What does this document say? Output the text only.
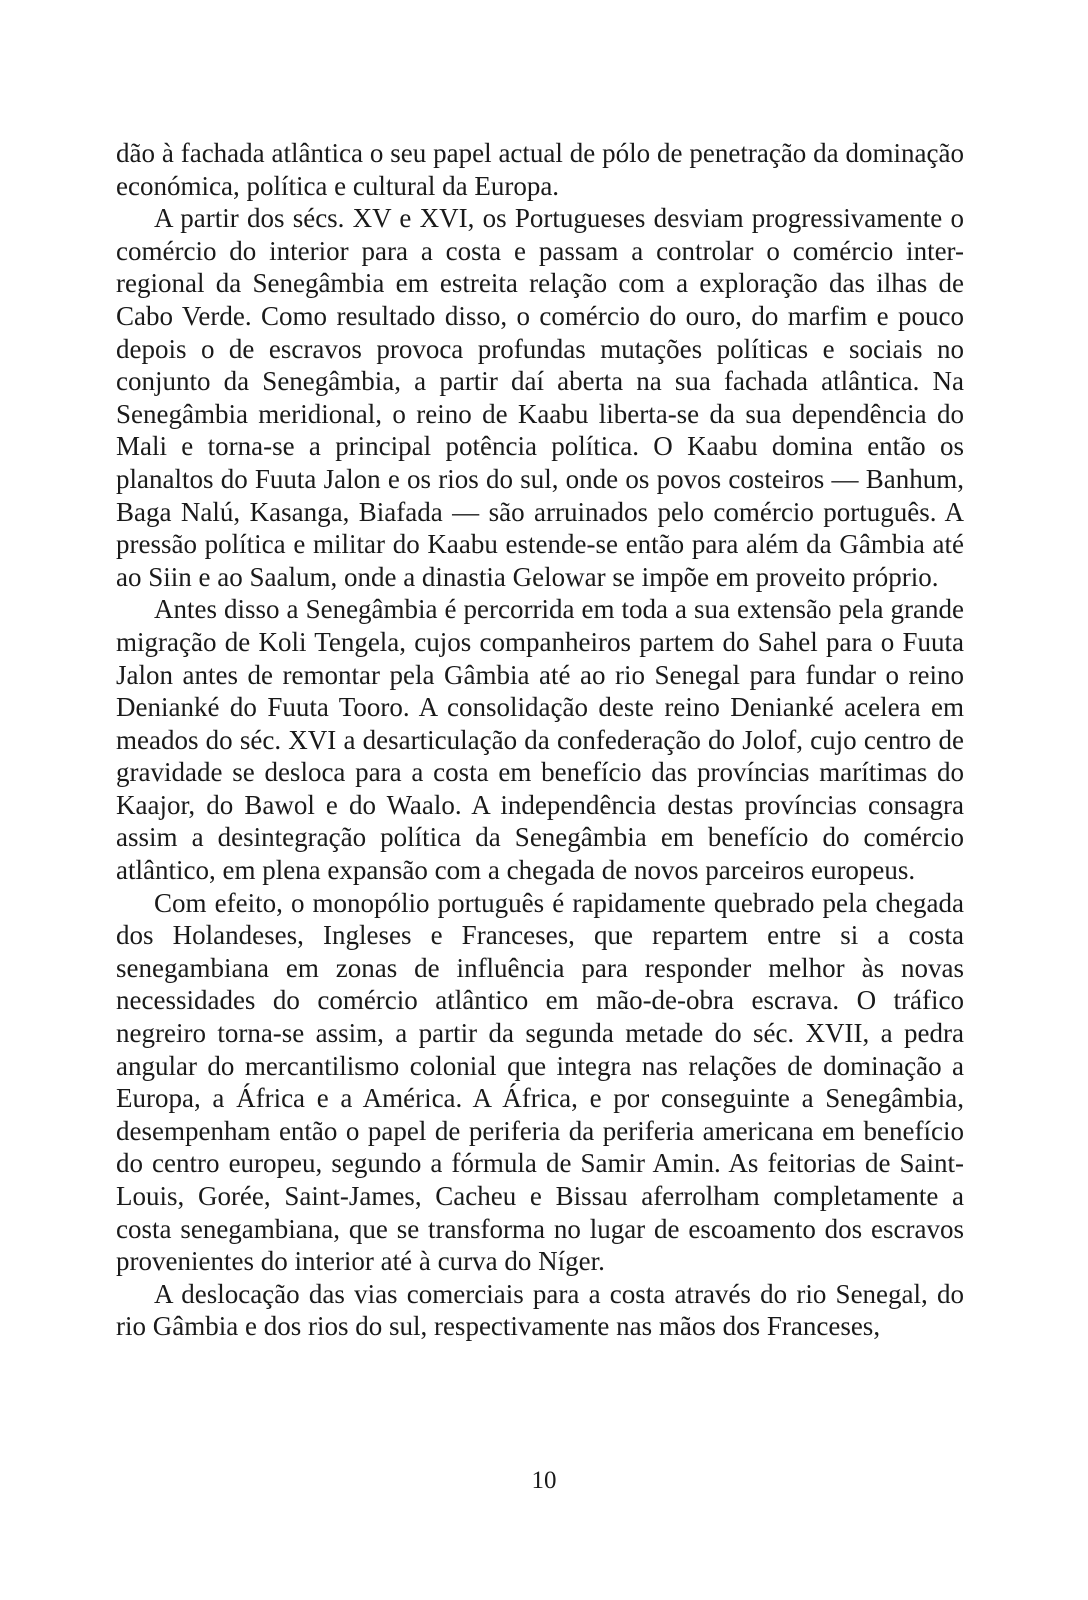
dão à fachada atlântica o seu papel actual de pólo de penetração da dominação económica, política e cultural da Europa.

A partir dos sécs. XV e XVI, os Portugueses desviam progressivamente o comércio do interior para a costa e passam a controlar o comércio inter-regional da Senegâmbia em estreita relação com a exploração das ilhas de Cabo Verde. Como resultado disso, o comércio do ouro, do marfim e pouco depois o de escravos provoca profundas mutações políticas e sociais no conjunto da Senegâmbia, a partir daí aberta na sua fachada atlântica. Na Senegâmbia meridional, o reino de Kaabu liberta-se da sua dependência do Mali e torna-se a principal potência política. O Kaabu domina então os planaltos do Fuuta Jalon e os rios do sul, onde os povos costeiros — Banhum, Baga Nalú, Kasanga, Biafada — são arruinados pelo comércio português. A pressão política e militar do Kaabu estende-se então para além da Gâmbia até ao Siin e ao Saalum, onde a dinastia Gelowar se impõe em proveito próprio.

Antes disso a Senegâmbia é percorrida em toda a sua extensão pela grande migração de Koli Tengela, cujos companheiros partem do Sahel para o Fuuta Jalon antes de remontar pela Gâmbia até ao rio Senegal para fundar o reino Denianké do Fuuta Tooro. A consolidação deste reino Denianké acelera em meados do séc. XVI a desarticulação da confederação do Jolof, cujo centro de gravidade se desloca para a costa em benefício das províncias marítimas do Kaajor, do Bawol e do Waalo. A independência destas províncias consagra assim a desintegração política da Senegâmbia em benefício do comércio atlântico, em plena expansão com a chegada de novos parceiros europeus.

Com efeito, o monopólio português é rapidamente quebrado pela chegada dos Holandeses, Ingleses e Franceses, que repartem entre si a costa senegambiana em zonas de influência para responder melhor às novas necessidades do comércio atlântico em mão-de-obra escrava. O tráfico negreiro torna-se assim, a partir da segunda metade do séc. XVII, a pedra angular do mercantilismo colonial que integra nas relações de dominação a Europa, a África e a América. A África, e por conseguinte a Senegâmbia, desempenham então o papel de periferia da periferia americana em benefício do centro europeu, segundo a fórmula de Samir Amin. As feitorias de Saint-Louis, Gorée, Saint-James, Cacheu e Bissau aferrolham completamente a costa senegambiana, que se transforma no lugar de escoamento dos escravos provenientes do interior até à curva do Níger.

A deslocação das vias comerciais para a costa através do rio Senegal, do rio Gâmbia e dos rios do sul, respectivamente nas mãos dos Franceses,

10
